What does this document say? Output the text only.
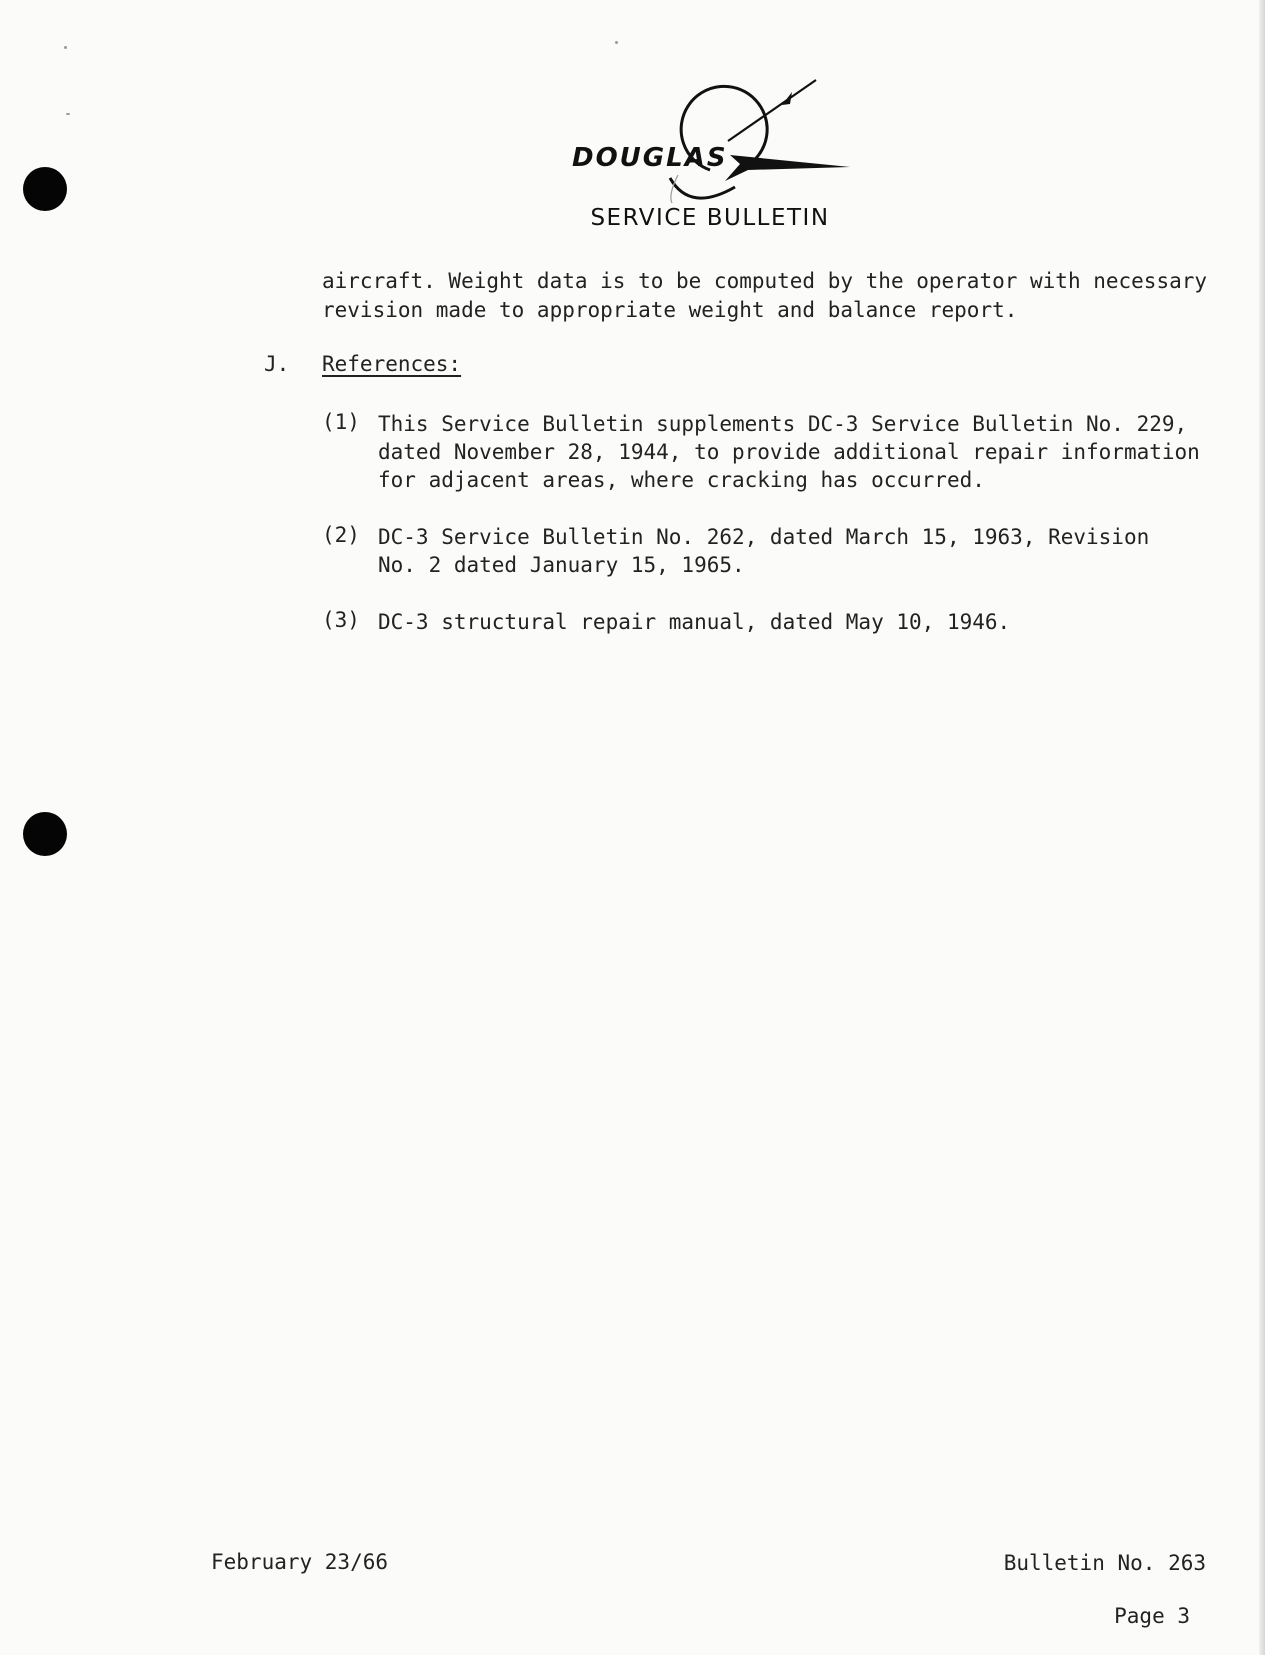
DOUGLAS
SERVICE BULLETIN
aircraft. Weight data is to be computed by the operator with necessary
revision made to appropriate weight and balance report.
J. References:
(1) This Service Bulletin supplements DC-3 Service Bulletin No. 229,
dated November 28, 1944, to provide additional repair information
for adjacent areas, where cracking has occurred.
(2) DC-3 Service Bulletin No. 262, dated March 15, 1963, Revision
No. 2 dated January 15, 1965.
(3) DC-3 structural repair manual, dated May 10, 1946.
February 23/66	Bulletin No. 263
Page 3
